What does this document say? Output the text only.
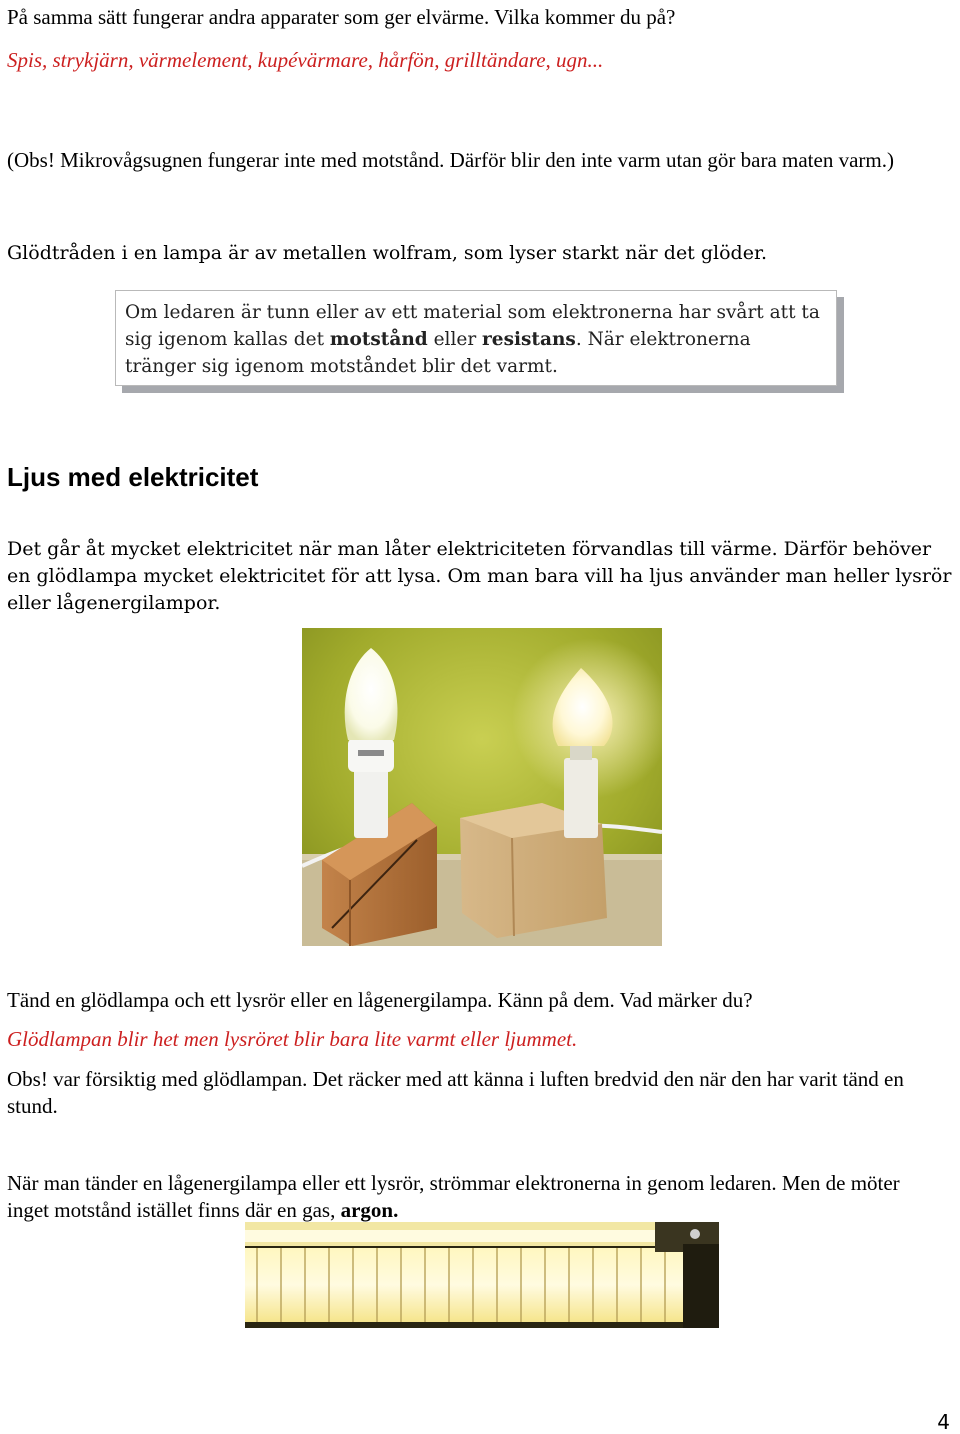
På samma sätt fungerar andra apparater som ger elvärme. Vilka kommer du på?
Spis, strykjärn, värmelement, kupévärmare, hårfön, grilltändare, ugn...
(Obs! Mikrovågsugnen fungerar inte med motstånd. Därför blir den inte varm utan gör bara maten varm.)
Glödtråden i en lampa är av metallen wolfram, som lyser starkt när det glöder.
Om ledaren är tunn eller av ett material som elektronerna har svårt att ta sig igenom kallas det motstånd eller resistans. När elektronerna tränger sig igenom motståndet blir det varmt.
Ljus med elektricitet
Det går åt mycket elektricitet när man låter elektriciteten förvandlas till värme. Därför behöver en glödlampa mycket elektricitet för att lysa. Om man bara vill ha ljus använder man heller lysrör eller lågenergilampor.
Tänd en glödlampa och ett lysrör eller en lågenergilampa. Känn på dem. Vad märker du?
Glödlampan blir het men lysröret blir bara lite varmt eller ljummet.
Obs! var försiktig med glödlampan. Det räcker med att känna i luften bredvid den när den har varit tänd en stund.
När man tänder en lågenergilampa eller ett lysrör, strömmar elektronerna in genom ledaren. Men de möter inget motstånd istället finns där en gas, argon.
4
